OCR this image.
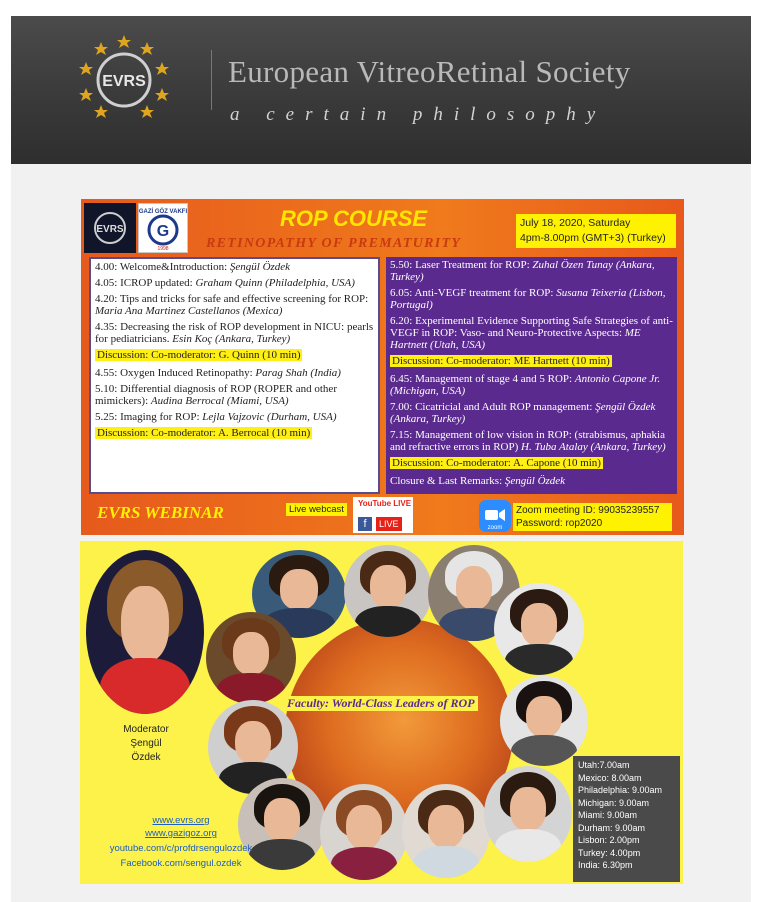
EVRS	European VitreoRetinal Society
a certain philosophy
EVRS
GAZİ GÖZ VAKFI
G
1998
ROP COURSE
RETINOPATHY OF PREMATURITY
July 18, 2020, Saturday
4pm-8.00pm (GMT+3) (Turkey)
4.00: Welcome&Introduction: Şengül Özdek
4.05: ICROP updated: Graham Quinn (Philadelphia, USA)
4.20: Tips and tricks for safe and effective screening for ROP: Maria Ana Martinez Castellanos (Mexica)
4.35: Decreasing the risk of ROP development in NICU: pearls for pediatricians. Esin Koç (Ankara, Turkey)
Discussion: Co-moderator: G. Quinn (10 min)
4.55: Oxygen Induced Retinopathy: Parag Shah (India)
5.10: Differential diagnosis of ROP (ROPER and other mimickers): Audina Berrocal (Miami, USA)
5.25: Imaging for ROP: Lejla Vajzovic (Durham, USA)
Discussion: Co-moderator: A. Berrocal (10 min)
5.50: Laser Treatment for ROP: Zuhal Özen Tunay (Ankara, Turkey)
6.05: Anti-VEGF treatment for ROP: Susana Teixeria (Lisbon, Portugal)
6.20: Experimental Evidence Supporting Safe Strategies of anti-VEGF in ROP: Vaso- and Neuro-Protective Aspects: ME Hartnett (Utah, USA)
Discussion: Co-moderator: ME Hartnett (10 min)
6.45: Management of stage 4 and 5 ROP: Antonio Capone Jr. (Michigan, USA)
7.00: Cicatricial and Adult ROP management: Şengül Özdek (Ankara, Turkey)
7.15: Management of low vision in ROP: (strabismus, aphakia and refractive errors in ROP) H. Tuba Atalay (Ankara, Turkey)
Discussion: Co-moderator: A. Capone (10 min)
Closure & Last Remarks: Şengül Özdek
EVRS WEBINAR	Live webcast
YouTube LIVE
f	LIVE	zoom
Zoom meeting ID: 99035239557
Password: rop2020
Faculty: World-Class Leaders of ROP
Moderator
Şengül Özdek
www.evrs.org
www.gazigoz.org
youtube.com/c/profdrsengulozdek
Facebook.com/sengul.ozdek
Utah:7.00am
Mexico: 8.00am
Philadelphia: 9.00am
Michigan: 9.00am
Miami: 9.00am
Durham: 9.00am
Lisbon: 2.00pm
Turkey: 4.00pm
India: 6.30pm
